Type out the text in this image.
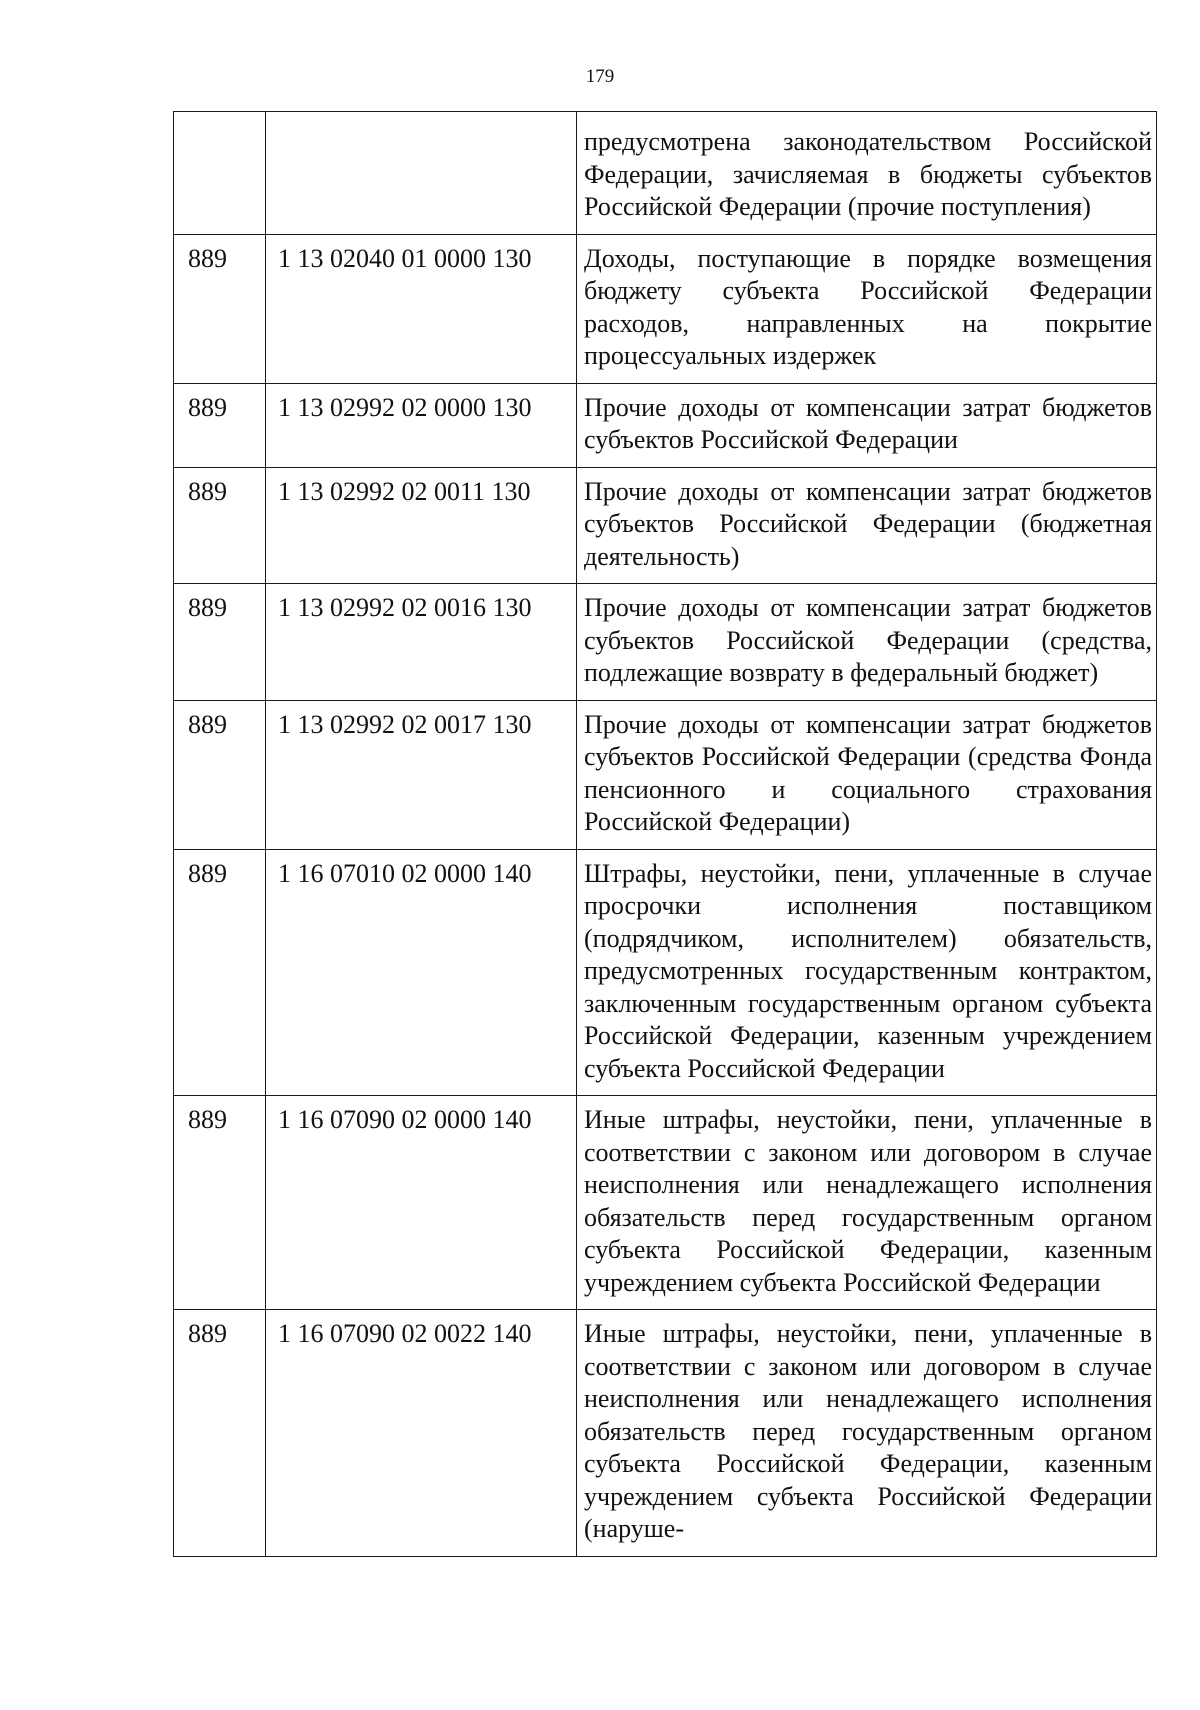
179
		предусмотрена законодательством Российской Федерации, зачисляемая в бюджеты субъектов Российской Федерации (прочие поступления)
889	1 13 02040 01 0000 130	Доходы, поступающие в порядке возмещения бюджету субъекта Российской Федерации расходов, направленных на покрытие процессуальных издержек
889	1 13 02992 02 0000 130	Прочие доходы от компенсации затрат бюджетов субъектов Российской Федерации
889	1 13 02992 02 0011 130	Прочие доходы от компенсации затрат бюджетов субъектов Российской Федерации (бюджетная деятельность)
889	1 13 02992 02 0016 130	Прочие доходы от компенсации затрат бюджетов субъектов Российской Федерации (средства, подлежащие возврату в федеральный бюджет)
889	1 13 02992 02 0017 130	Прочие доходы от компенсации затрат бюджетов субъектов Российской Федерации (средства Фонда пенсионного и социального страхования Российской Федерации)
889	1 16 07010 02 0000 140	Штрафы, неустойки, пени, уплаченные в случае просрочки исполнения поставщиком (подрядчиком, исполнителем) обязательств, предусмотренных государственным контрактом, заключенным государственным органом субъекта Российской Федерации, казенным учреждением субъекта Российской Федерации
889	1 16 07090 02 0000 140	Иные штрафы, неустойки, пени, уплаченные в соответствии с законом или договором в случае неисполнения или ненадлежащего исполнения обязательств перед государственным органом субъекта Российской Федерации, казенным учреждением субъекта Российской Федерации
889	1 16 07090 02 0022 140	Иные штрафы, неустойки, пени, уплаченные в соответствии с законом или договором в случае неисполнения или ненадлежащего исполнения обязательств перед государственным органом субъекта Российской Федерации, казенным учреждением субъекта Российской Федерации (наруше-
